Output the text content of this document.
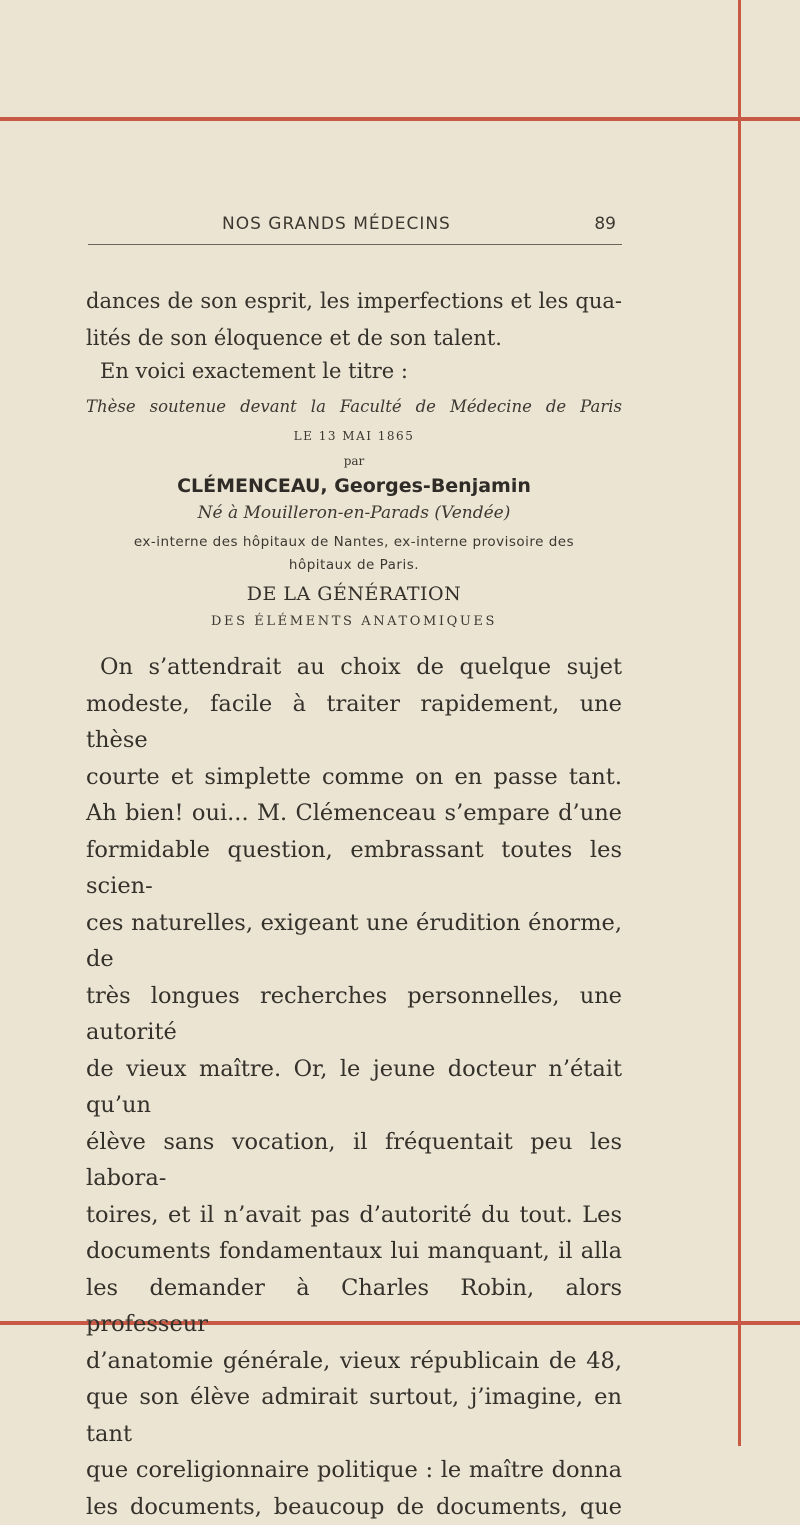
NOS GRANDS MÉDECINS	89
dances de son esprit, les imperfections et les qua-
lités de son éloquence et de son talent.
En voici exactement le titre :

Thèse soutenue devant la Faculté de Médecine de Paris

LE 13 MAI 1865

par

CLÉMENCEAU, Georges-Benjamin

Né à Mouilleron-en-Parads (Vendée)

ex-interne des hôpitaux de Nantes, ex-interne provisoire des
hôpitaux de Paris.

DE LA GÉNÉRATION

DES ÉLÉMENTS ANATOMIQUES

On s’attendrait au choix de quelque sujet
modeste, facile à traiter rapidement, une thèse
courte et simplette comme on en passe tant.
Ah bien! oui... M. Clémenceau s’empare d’une
formidable question, embrassant toutes les scien-
ces naturelles, exigeant une érudition énorme, de
très longues recherches personnelles, une autorité
de vieux maître. Or, le jeune docteur n’était qu’un
élève sans vocation, il fréquentait peu les labora-
toires, et il n’avait pas d’autorité du tout. Les
documents fondamentaux lui manquant, il alla
les demander à Charles Robin, alors professeur
d’anatomie générale, vieux républicain de 48,
que son élève admirait surtout, j’imagine, en tant
que coreligionnaire politique : le maître donna
les documents, beaucoup de documents, que
